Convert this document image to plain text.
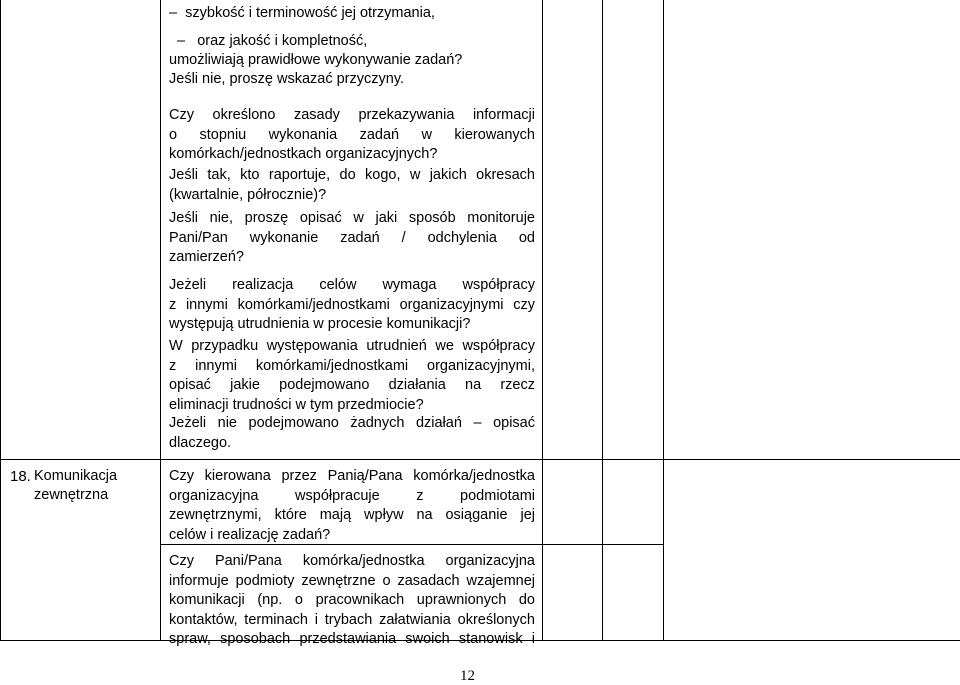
–  szybkość i terminowość jej otrzymania,
–   oraz jakość i kompletność,
umożliwiają prawidłowe wykonywanie zadań?
Jeśli nie, proszę wskazać przyczyny.
Czy określono zasady przekazywania informacji
o stopniu wykonania zadań w kierowanych
komórkach/jednostkach organizacyjnych?
Jeśli tak, kto raportuje, do kogo, w jakich okresach
(kwartalnie, półrocznie)?
Jeśli nie, proszę opisać w jaki sposób monitoruje
Pani/Pan wykonanie zadań / odchylenia od
zamierzeń?
Jeżeli realizacja celów wymaga współpracy
z innymi komórkami/jednostkami organizacyjnymi czy
występują utrudnienia w procesie komunikacji?
W przypadku występowania utrudnień we współpracy
z innymi komórkami/jednostkami organizacyjnymi,
opisać jakie podejmowano działania na rzecz
eliminacji trudności w tym przedmiocie?
Jeżeli nie podejmowano żadnych działań – opisać
dlaczego.
18. Komunikacja
zewnętrzna
Czy kierowana przez Panią/Pana komórka/jednostka
organizacyjna współpracuje z podmiotami
zewnętrznymi, które mają wpływ na osiąganie jej
celów i realizację zadań?
Czy Pani/Pana komórka/jednostka organizacyjna
informuje podmioty zewnętrzne o zasadach wzajemnej
komunikacji (np. o pracownikach uprawnionych do
kontaktów, terminach i trybach załatwiania określonych
spraw, sposobach przedstawiania swoich stanowisk i
12
